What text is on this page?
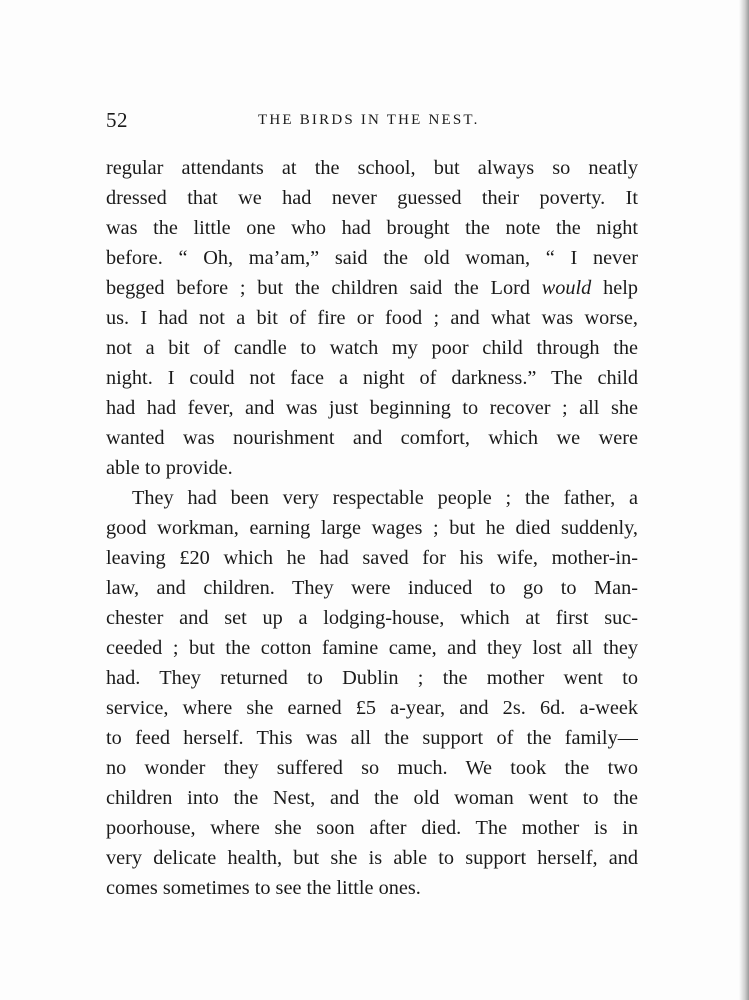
52	THE BIRDS IN THE NEST.
regular attendants at the school, but always so neatly
dressed that we had never guessed their poverty. It
was the little one who had brought the note the night
before. “ Oh, ma’am,” said the old woman, “ I never
begged before ; but the children said the Lord would help
us. I had not a bit of fire or food ; and what was worse,
not a bit of candle to watch my poor child through the
night. I could not face a night of darkness.” The child
had had fever, and was just beginning to recover ; all she
wanted was nourishment and comfort, which we were
able to provide.
They had been very respectable people ; the father, a
good workman, earning large wages ; but he died suddenly,
leaving £20 which he had saved for his wife, mother-in-
law, and children. They were induced to go to Man-
chester and set up a lodging-house, which at first suc-
ceeded ; but the cotton famine came, and they lost all they
had. They returned to Dublin ; the mother went to
service, where she earned £5 a-year, and 2s. 6d. a-week
to feed herself. This was all the support of the family—
no wonder they suffered so much. We took the two
children into the Nest, and the old woman went to the
poorhouse, where she soon after died. The mother is in
very delicate health, but she is able to support herself, and
comes sometimes to see the little ones.
